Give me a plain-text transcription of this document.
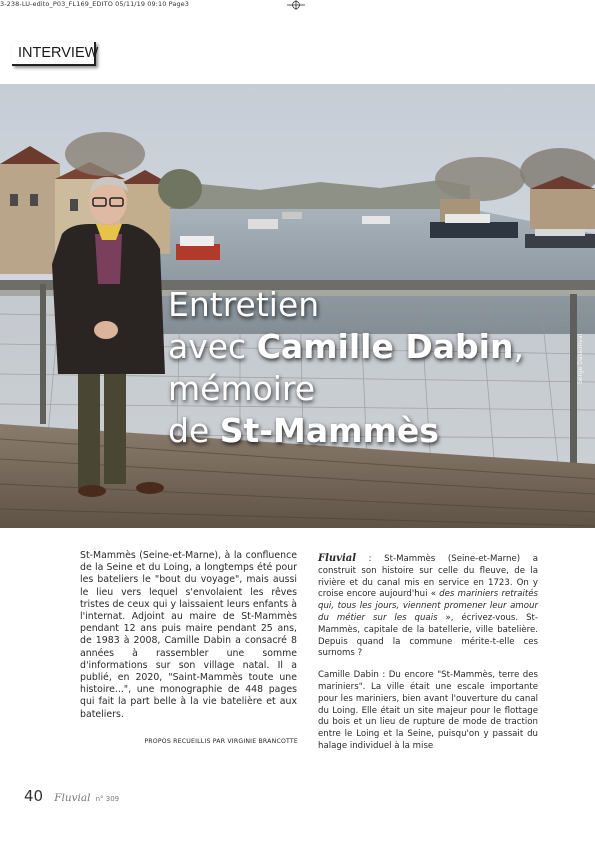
3-238-LU-edito_P03_FL169_EDITO 05/11/19 09:10 Page3
INTERVIEW
Serge Dassonval
Entretien
avec Camille Dabin,
mémoire
de St-Mammès

St-Mammès (Seine-et-Marne), à la confluence de la Seine et du Loing, a longtemps été pour les bateliers le "bout du voyage", mais aussi le lieu vers lequel s'envolaient les rêves tristes de ceux qui y laissaient leurs enfants à l'internat. Adjoint au maire de St-Mammès pendant 12 ans puis maire pendant 25 ans, de 1983 à 2008, Camille Dabin a consacré 8 années à rassembler une somme d'informations sur son village natal. Il a publié, en 2020, "Saint-Mammès toute une histoire...", une monographie de 448 pages qui fait la part belle à la vie batelière et aux bateliers.

PROPOS RECUEILLIS PAR VIRGINIE BRANCOTTE

Fluvial : St-Mammès (Seine-et-Marne) a construit son histoire sur celle du fleuve, de la rivière et du canal mis en service en 1723. On y croise encore aujourd'hui « des mariniers retraités qui, tous les jours, viennent promener leur amour du métier sur les quais », écrivez-vous. St-Mammès, capitale de la batellerie, ville batelière. Depuis quand la commune mérite-t-elle ces surnoms ?

Camille Dabin : Du encore "St-Mammès, terre des mariniers". La ville était une escale importante pour les mariniers, bien avant l'ouverture du canal du Loing. Elle était un site majeur pour le flottage du bois et un lieu de rupture de mode de traction entre le Loing et la Seine, puisqu'on y passait du halage individuel à la mise

40 Fluvial n° 309
